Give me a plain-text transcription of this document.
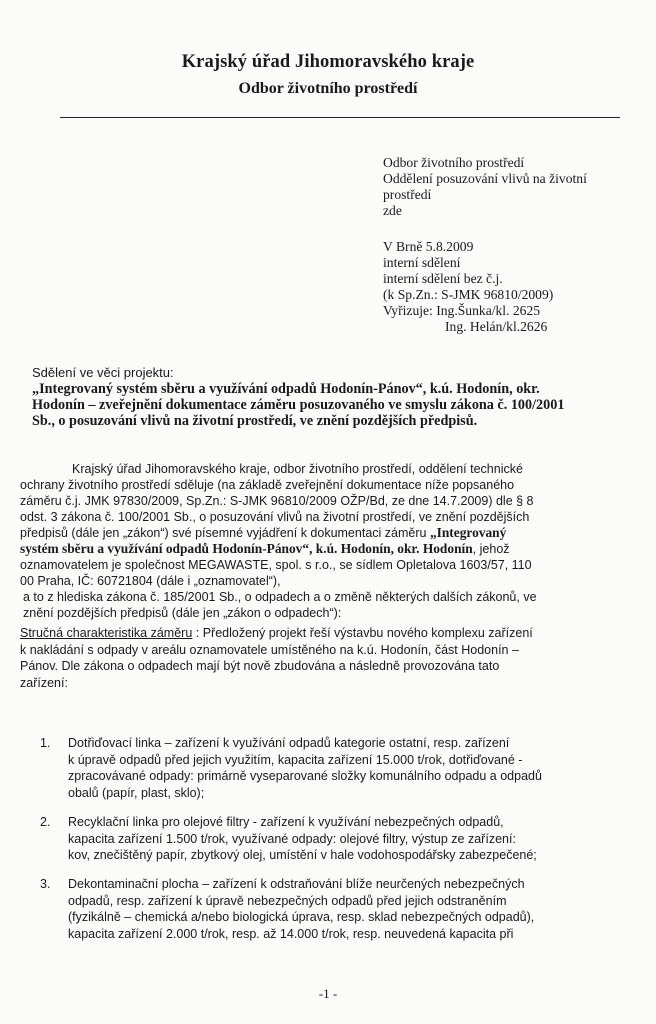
Krajský úřad Jihomoravského kraje
Odbor životního prostředí
Odbor životního prostředí
Oddělení posuzování vlivů na životní
prostředí
zde
V Brně 5.8.2009
interní sdělení
interní sdělení bez č.j.
(k Sp.Zn.: S-JMK 96810/2009)
Vyřizuje: Ing.Šunka/kl. 2625
Ing. Helán/kl.2626
Sdělení ve věci projektu:
„Integrovaný systém sběru a využívání odpadů Hodonín-Pánov“, k.ú. Hodonín, okr.
Hodonín – zveřejnění dokumentace záměru posuzovaného ve smyslu zákona č. 100/2001
Sb., o posuzování vlivů na životní prostředí, ve znění pozdějších předpisů.
Krajský úřad Jihomoravského kraje, odbor životního prostředí, oddělení technické
ochrany životního prostředí sděluje (na základě zveřejnění dokumentace níže popsaného
záměru č.j. JMK 97830/2009, Sp.Zn.: S-JMK 96810/2009 OŽP/Bd, ze dne 14.7.2009) dle § 8
odst. 3 zákona č. 100/2001 Sb., o posuzování vlivů na životní prostředí, ve znění pozdějších
předpisů (dále jen „zákon“) své písemné vyjádření k dokumentaci záměru „Integrovaný
systém sběru a využívání odpadů Hodonín-Pánov“, k.ú. Hodonín, okr. Hodonín, jehož
oznamovatelem je společnost MEGAWASTE, spol. s r.o., se sídlem Opletalova 1603/57, 110
00 Praha, IČ: 60721804 (dále i „oznamovatel“),
a to z hlediska zákona č. 185/2001 Sb., o odpadech a o změně některých dalších zákonů, ve
znění pozdějších předpisů (dále jen „zákon o odpadech“):
Stručná charakteristika záměru : Předložený projekt řeší výstavbu nového komplexu zařízení
k nakládání s odpady v areálu oznamovatele umístěného na k.ú. Hodonín, část Hodonín –
Pánov. Dle zákona o odpadech mají být nově zbudována a následně provozována tato
zařízení:
1.	Dotřiďovací linka – zařízení k využívání odpadů kategorie ostatní, resp. zařízení
k úpravě odpadů před jejich využitím, kapacita zařízení 15.000 t/rok, dotřiďované -
zpracovávané odpady: primárně vyseparované složky komunálního odpadu a odpadů
obalů (papír, plast, sklo);
2.	Recyklační linka pro olejové filtry - zařízení k využívání nebezpečných odpadů,
kapacita zařízení 1.500 t/rok, využívané odpady: olejové filtry, výstup ze zařízení:
kov, znečištěný papír, zbytkový olej, umístění v hale vodohospodářsky zabezpečené;
3.	Dekontaminační plocha – zařízení k odstraňování blíže neurčených nebezpečných
odpadů, resp. zařízení k úpravě nebezpečných odpadů před jejich odstraněním
(fyzikálně – chemická a/nebo biologická úprava, resp. sklad nebezpečných odpadů),
kapacita zařízení 2.000 t/rok, resp. až 14.000 t/rok, resp. neuvedená kapacita při
-1 -
